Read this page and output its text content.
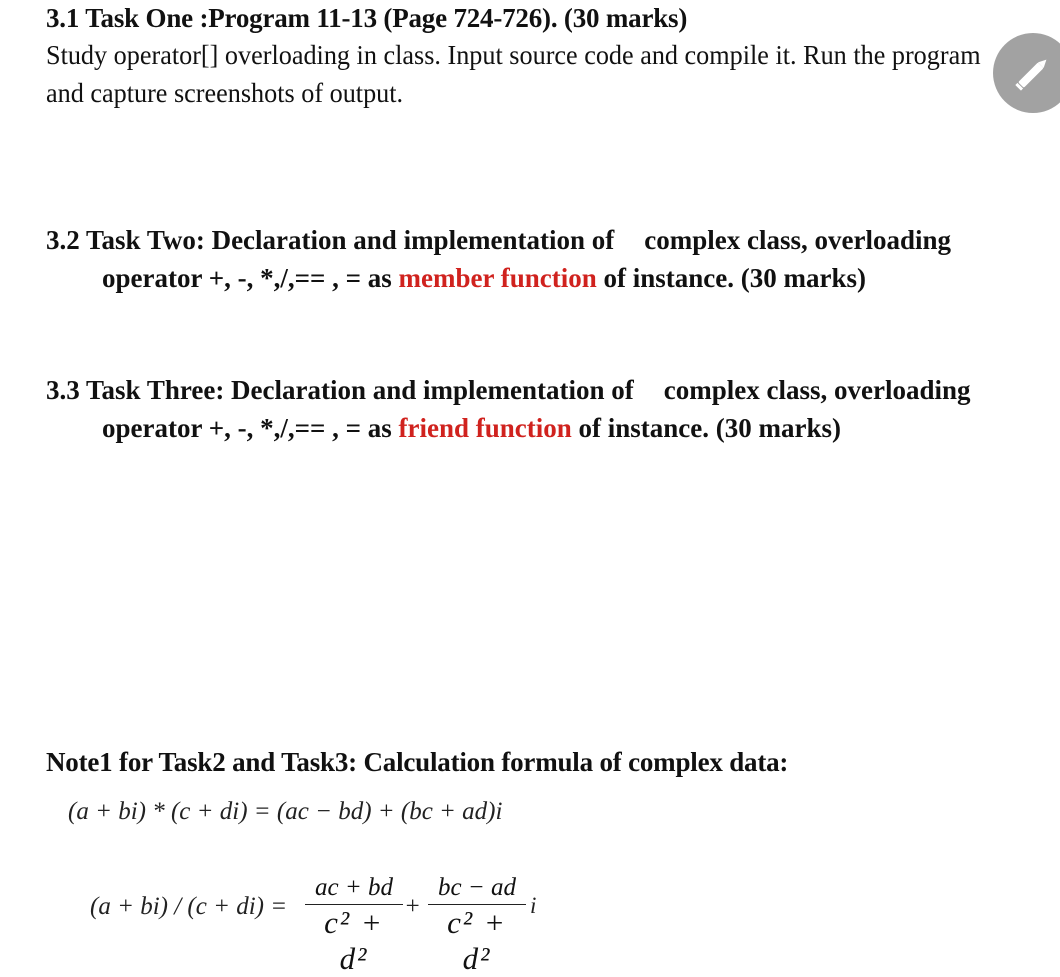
3.1 Task One :Program 11-13 (Page 724-726). (30 marks)
Study operator[] overloading in class. Input source code and compile it. Run the program and capture screenshots of output.
3.2 Task Two: Declaration and implementation of complex class, overloading
operator +, -, *,/,== , = as member function of instance. (30 marks)
3.3 Task Three: Declaration and implementation of complex class, overloading
operator +, -, *,/,== , = as friend function of instance. (30 marks)
Note1 for Task2 and Task3: Calculation formula of complex data:
(a + bi) * (c + di) = (ac − bd) + (bc + ad)i
(a + bi) / (c + di) =
ac + bd
c² + d²
+
bc − ad
c² + d²
i
